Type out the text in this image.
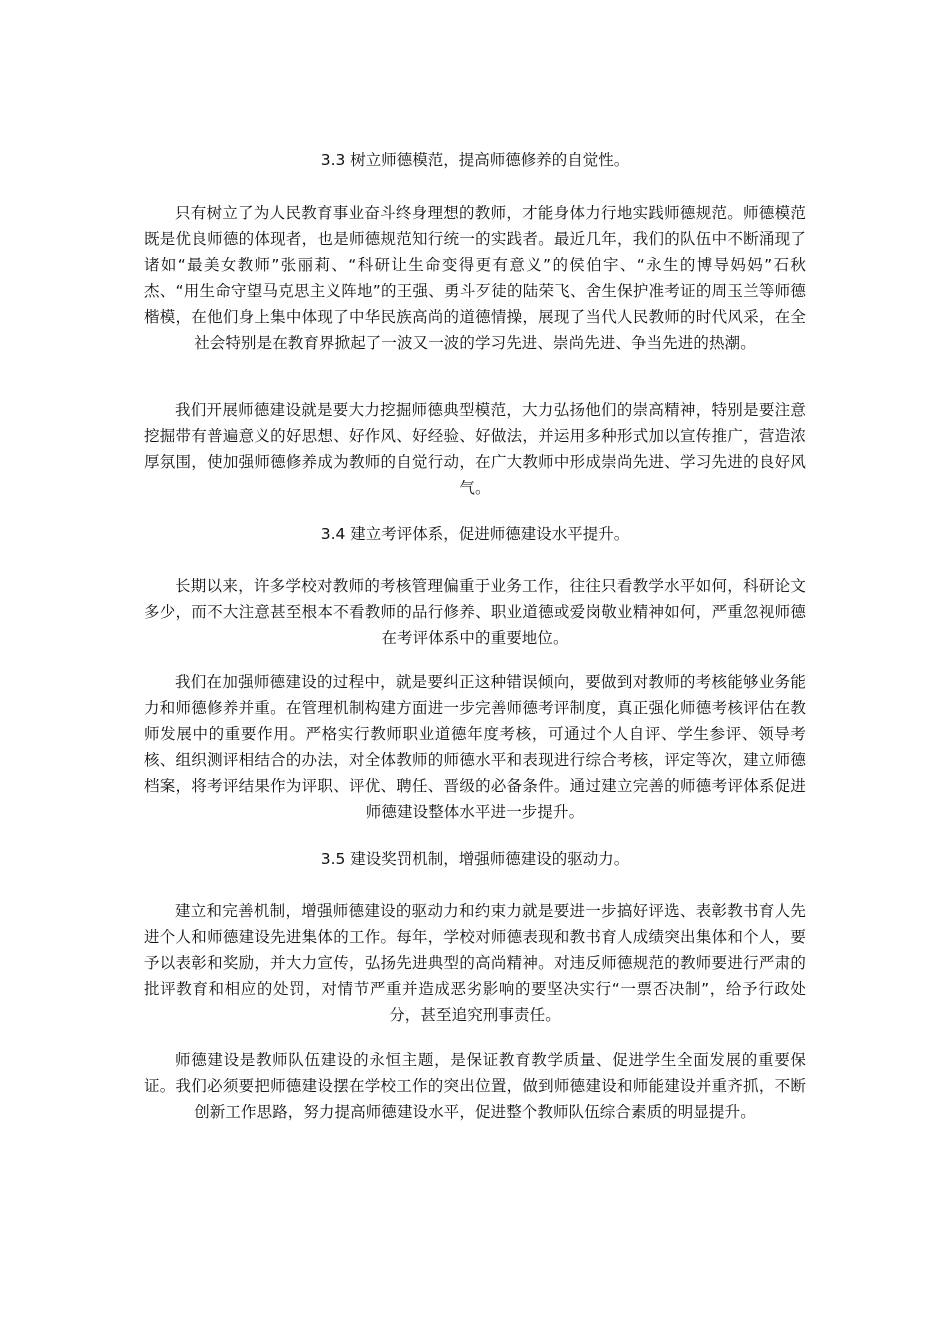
3.3 树立师德模范，提高师德修养的自觉性。
只有树立了为人民教育事业奋斗终身理想的教师，才能身体力行地实践师德规范。师德模范既是优良师德的体现者，也是师德规范知行统一的实践者。最近几年，我们的队伍中不断涌现了诸如“最美女教师”张丽莉、“科研让生命变得更有意义”的侯伯宇、“永生的博导妈妈”石秋杰、“用生命守望马克思主义阵地”的王强、勇斗歹徒的陆荣飞、舍生保护准考证的周玉兰等师德楷模，在他们身上集中体现了中华民族高尚的道德情操，展现了当代人民教师的时代风采，在全社会特别是在教育界掀起了一波又一波的学习先进、崇尚先进、争当先进的热潮。
我们开展师德建设就是要大力挖掘师德典型模范，大力弘扬他们的崇高精神，特别是要注意挖掘带有普遍意义的好思想、好作风、好经验、好做法，并运用多种形式加以宣传推广，营造浓厚氛围，使加强师德修养成为教师的自觉行动，在广大教师中形成崇尚先进、学习先进的良好风气。
3.4 建立考评体系，促进师德建设水平提升。
长期以来，许多学校对教师的考核管理偏重于业务工作，往往只看教学水平如何，科研论文多少，而不大注意甚至根本不看教师的品行修养、职业道德或爱岗敬业精神如何，严重忽视师德在考评体系中的重要地位。
我们在加强师德建设的过程中，就是要纠正这种错误倾向，要做到对教师的考核能够业务能力和师德修养并重。在管理机制构建方面进一步完善师德考评制度，真正强化师德考核评估在教师发展中的重要作用。严格实行教师职业道德年度考核，可通过个人自评、学生参评、领导考核、组织测评相结合的办法，对全体教师的师德水平和表现进行综合考核，评定等次，建立师德档案，将考评结果作为评职、评优、聘任、晋级的必备条件。通过建立完善的师德考评体系促进师德建设整体水平进一步提升。
3.5 建设奖罚机制，增强师德建设的驱动力。
建立和完善机制，增强师德建设的驱动力和约束力就是要进一步搞好评选、表彰教书育人先进个人和师德建设先进集体的工作。每年，学校对师德表现和教书育人成绩突出集体和个人，要予以表彰和奖励，并大力宣传，弘扬先进典型的高尚精神。对违反师德规范的教师要进行严肃的批评教育和相应的处罚，对情节严重并造成恶劣影响的要坚决实行“一票否决制”，给予行政处分，甚至追究刑事责任。
师德建设是教师队伍建设的永恒主题，是保证教育教学质量、促进学生全面发展的重要保证。我们必须要把师德建设摆在学校工作的突出位置，做到师德建设和师能建设并重齐抓，不断创新工作思路，努力提高师德建设水平，促进整个教师队伍综合素质的明显提升。
